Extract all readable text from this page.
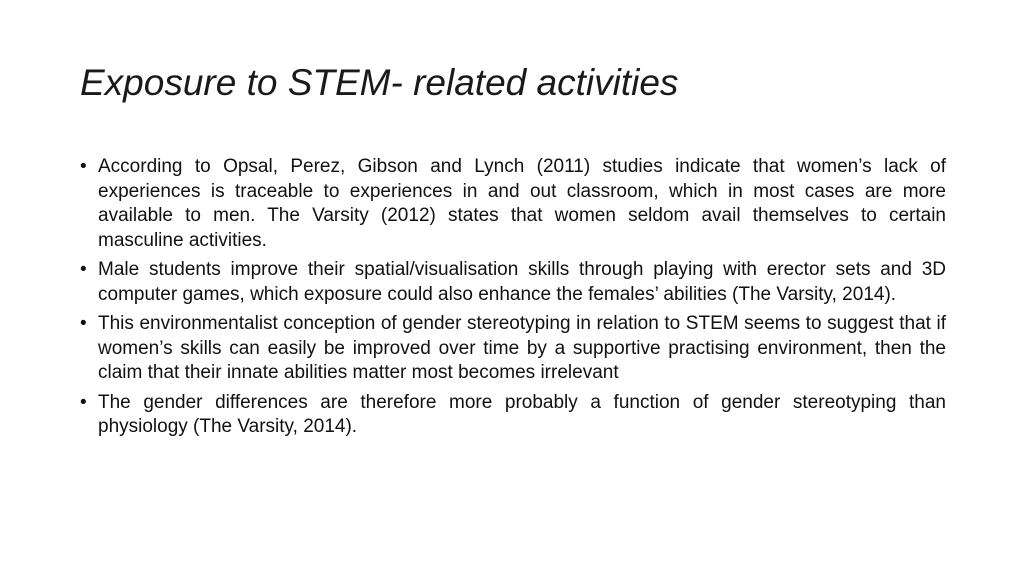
Exposure to STEM- related activities
• According to Opsal, Perez, Gibson and Lynch (2011) studies indicate that women’s lack of experiences is traceable to experiences in and out classroom, which in most cases are more available to men. The Varsity (2012) states that women seldom avail themselves to certain masculine activities.
• Male students improve their spatial/visualisation skills through playing with erector sets and 3D computer games, which exposure could also enhance the females’ abilities (The Varsity, 2014).
• This environmentalist conception of gender stereotyping in relation to STEM seems to suggest that if women’s skills can easily be improved over time by a supportive practising environment, then the claim that their innate abilities matter most becomes irrelevant
• The gender differences are therefore more probably a function of gender stereotyping than physiology (The Varsity, 2014).
